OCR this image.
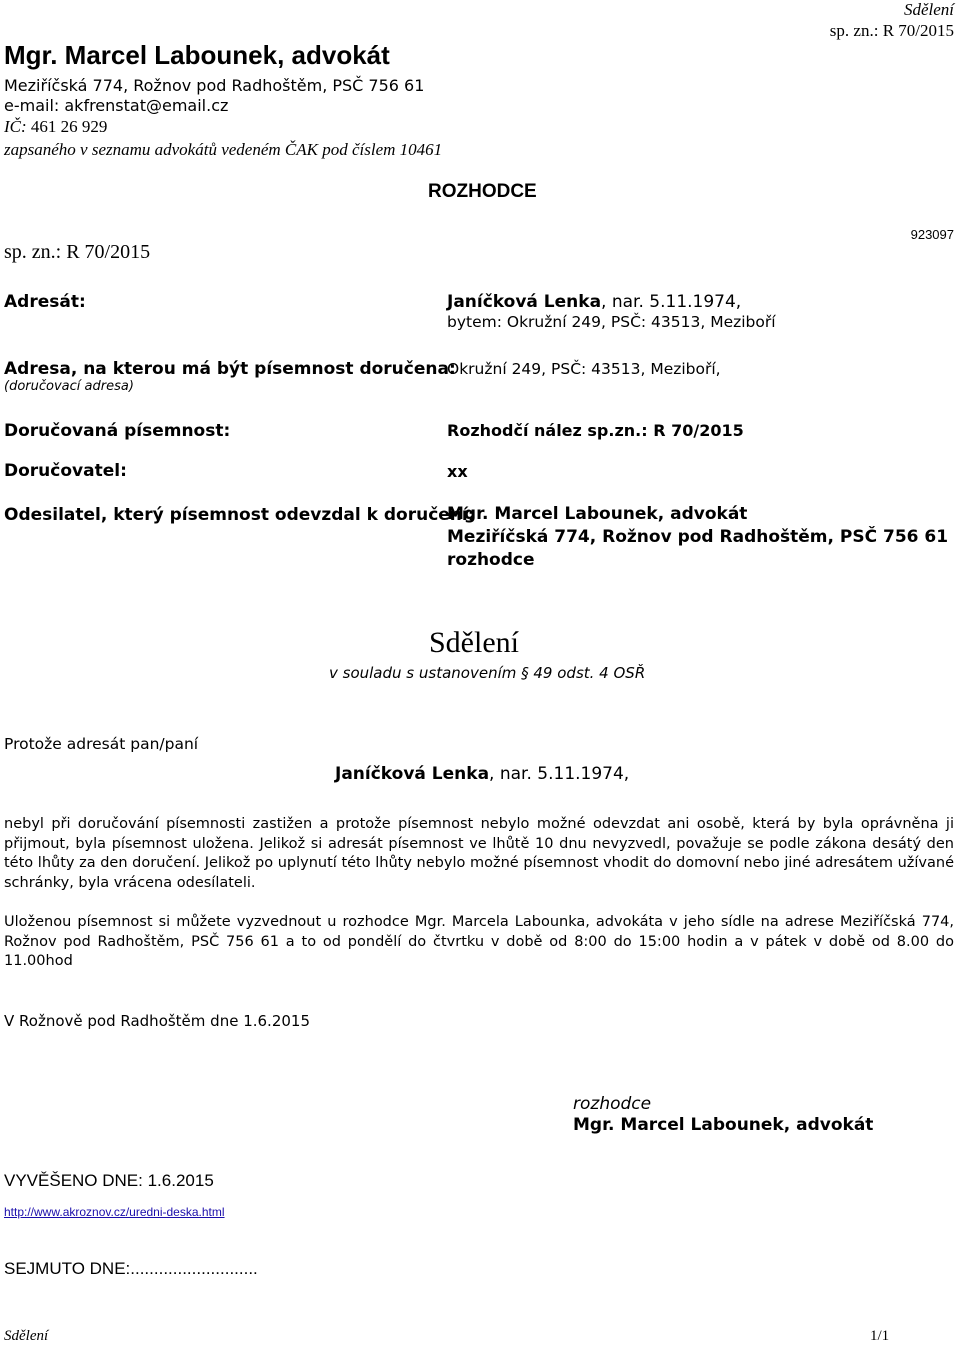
Mgr. Marcel Labounek, advokát
Meziříčská 774, Rožnov pod Radhoštěm, PSČ 756 61
e-mail: akfrenstat@email.cz
IČ: 461 26 929
zapsaného v seznamu advokátů vedeném ČAK pod číslem 10461
Sdělení
sp. zn.: R 70/2015
ROZHODCE
sp. zn.: R 70/2015
923097
Adresát:	Janíčková Lenka, nar. 5.11.1974,
bytem: Okružní 249, PSČ: 43513, Meziboří
Adresa, na kterou má být písemnost doručena:
(doručovací adresa)
Okružní 249, PSČ: 43513, Meziboří,
Doručovaná písemnost:	Rozhodčí nález sp.zn.: R 70/2015
Doručovatel:	xx
Odesilatel, který písemnost odevzdal k doručení:
Mgr. Marcel Labounek, advokát
Meziříčská 774, Rožnov pod Radhoštěm, PSČ 756 61
rozhodce
Sdělení
v souladu s ustanovením § 49 odst. 4 OSŘ
Protože adresát pan/paní
Janíčková Lenka, nar. 5.11.1974,
nebyl při doručování písemnosti zastižen a protože písemnost nebylo možné odevzdat ani osobě, která by byla oprávněna ji přijmout, byla písemnost uložena. Jelikož si adresát písemnost ve lhůtě 10 dnu nevyzvedl, považuje se podle zákona desátý den této lhůty za den doručení. Jelikož po uplynutí této lhůty nebylo možné písemnost vhodit do domovní nebo jiné adresátem užívané schránky, byla vrácena odesílateli.
Uloženou písemnost si můžete vyzvednout u rozhodce Mgr. Marcela Labounka, advokáta v jeho sídle na adrese Meziříčská 774, Rožnov pod Radhoštěm, PSČ 756 61 a to od pondělí do čtvrtku v době od 8:00 do 15:00 hodin a v pátek v době od 8.00 do 11.00hod
V Rožnově pod Radhoštěm dne 1.6.2015
rozhodce
Mgr. Marcel Labounek, advokát
VYVĚŠENO DNE: 1.6.2015
http://www.akroznov.cz/uredni-deska.html
SEJMUTO DNE:...........................
Sdělení	1/1
